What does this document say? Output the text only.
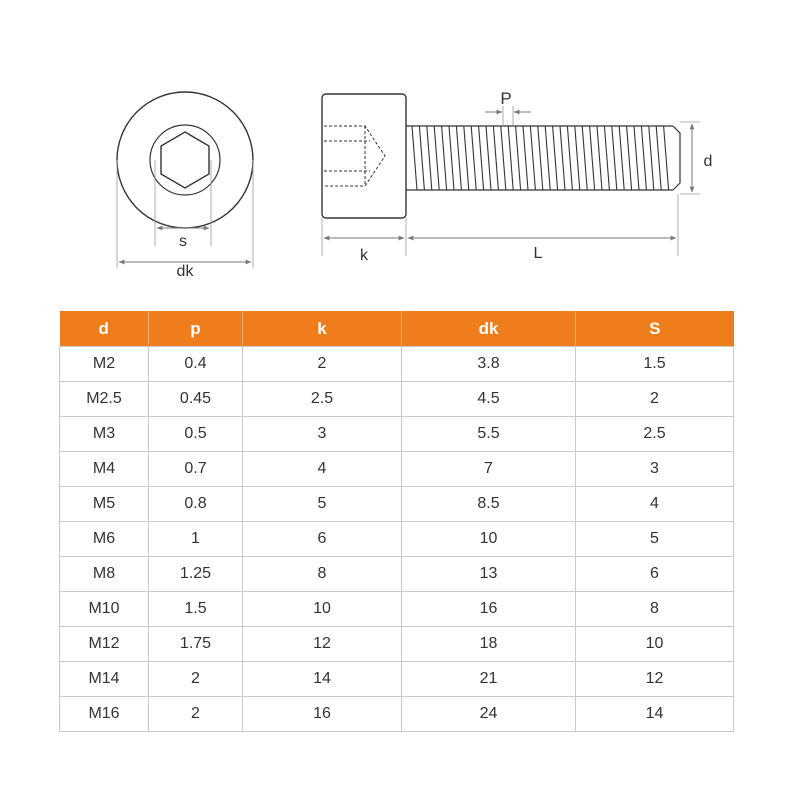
s
dk
P
d
k	L
d	p	k	dk	S
M2	0.4	2	3.8	1.5
M2.5	0.45	2.5	4.5	2
M3	0.5	3	5.5	2.5
M4	0.7	4	7	3
M5	0.8	5	8.5	4
M6	1	6	10	5
M8	1.25	8	13	6
M10	1.5	10	16	8
M12	1.75	12	18	10
M14	2	14	21	12
M16	2	16	24	14
